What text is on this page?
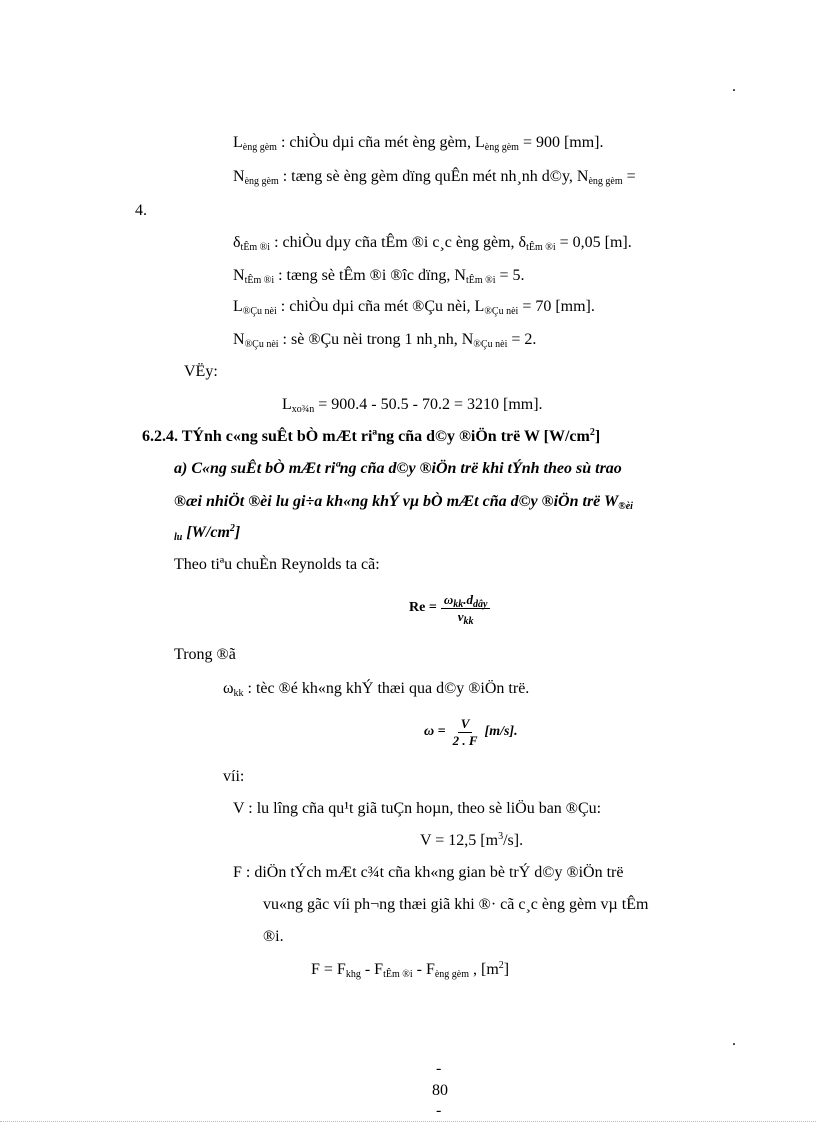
.
$L_{èng gèm}$ : chiÒu dµi cña mét èng gèm, $L_{èng gèm} = 900$ [mm].
$N_{èng gèm}$ : tæng sè èng gèm dïng quÊn mét nh¸nh d©y, $N_{èng gèm}$ =
4.
$\delta_{tÊm ®i}$ : chiÒu dµy cña tÊm ®i c¸c èng gèm, $\delta_{tÊm ®i} = 0,05$ [m].
$N_{tÊm ®i}$ : tæng sè tÊm ®i ®îc dïng, $N_{tÊm ®i} = 5$.
$L_{®Çu nèi}$ : chiÒu dµi cña mét ®Çu nèi, $L_{®Çu nèi} = 70$ [mm].
$N_{®Çu nèi}$ : sè ®Çu nèi trong 1 nh¸nh, $N_{®Çu nèi} = 2$.
VËy:
$L_{xo\frac{3}{4}n} = 900.4 - 50.5 - 70.2 = 3210$ [mm].
6.2.4. TÝnh c«ng suÊt bÒ mÆt riªng cña d©y ®iÖn trë W $[W/cm^2]$
a) C«ng suÊt bÒ mÆt riªng cña d©y ®iÖn trë khi tÝnh theo sù trao
®æi nhiÖt ®èi lu gi÷a kh«ng khÝ vµ bÒ mÆt cña d©y ®iÖn trë $W_{®èi}$
$_{lu}$ $[W/cm^2]$
Theo tiªu chuÈn Reynolds ta cã:
$Re = \frac{\omega_{kk}.d_{dây}}{\nu_{kk}}$
Trong ®ã
$\omega_{kk}$ : tèc ®é kh«ng khÝ thæi qua d©y ®iÖn trë.
$\omega = \frac{V}{2 . F} [m/s]$.
víi:
V : lu lîng cña qu¹t giã tuÇn hoµn, theo sè liÖu ban ®Çu:
V = 12,5 $[m^3/s]$.
F : diÖn tÝch mÆt c¾t cña kh«ng gian bè trÝ d©y ®iÖn trë
vu«ng gãc víi ph¬ng thæi giã khi ®· cã c¸c èng gèm vµ tÊm
®i.
$F = F_{khg} - F_{tÊm ®i} - F_{èng gèm}$ , $[m^2]$
.
-
80
-
